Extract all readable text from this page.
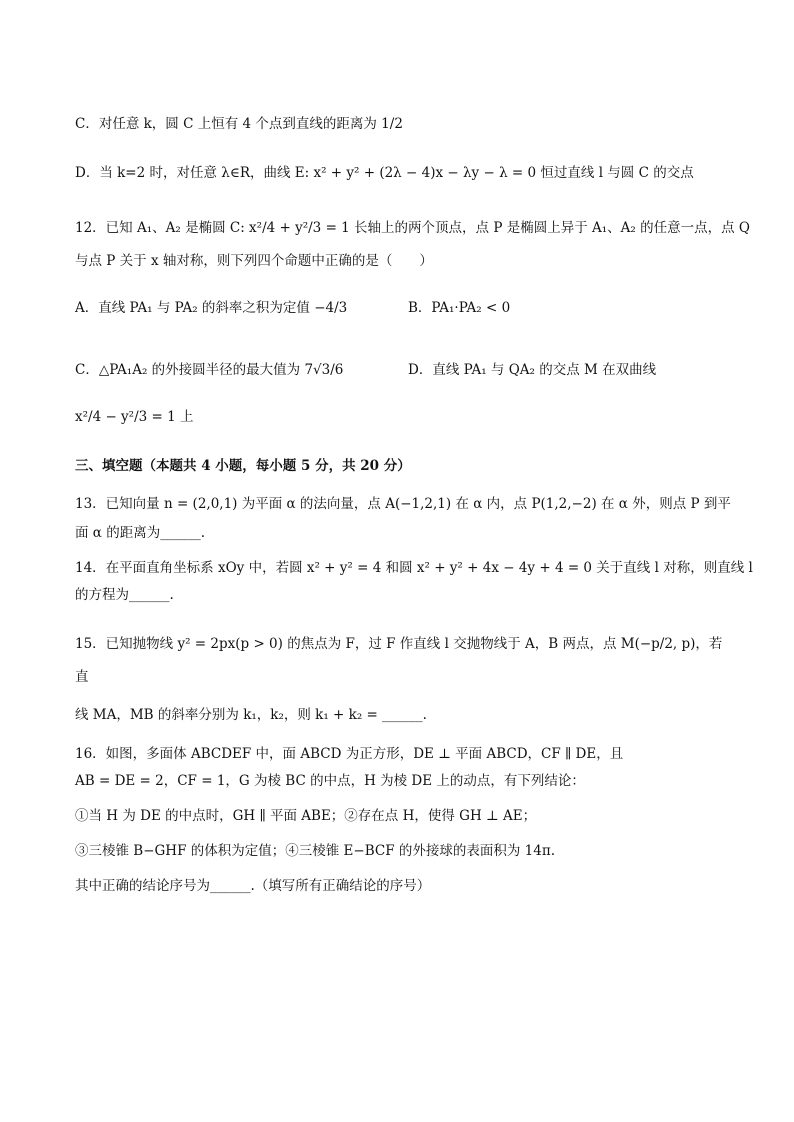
C．对任意 k，圆 C 上恒有 4 个点到直线的距离为 1/2
D．当 k=2 时，对任意 λ∈R，曲线 E: x² + y² + (2λ − 4)x − λy − λ = 0 恒过直线 l 与圆 C 的交点
12．已知 A₁、A₂ 是椭圆 C: x²/4 + y²/3 = 1 长轴上的两个顶点，点 P 是椭圆上异于 A₁、A₂ 的任意一点，点 Q
与点 P 关于 x 轴对称，则下列四个命题中正确的是（　　）
A．直线 PA₁ 与 PA₂ 的斜率之积为定值 −4/3	B．PA₁·PA₂ < 0
C．△PA₁A₂ 的外接圆半径的最大值为 7√3/6	D．直线 PA₁ 与 QA₂ 的交点 M 在双曲线
x²/4 − y²/3 = 1 上
三、填空题（本题共 4 小题，每小题 5 分，共 20 分）
13．已知向量 n = (2,0,1) 为平面 α 的法向量，点 A(−1,2,1) 在 α 内，点 P(1,2,−2) 在 α 外，则点 P 到平
面 α 的距离为______.
14．在平面直角坐标系 xOy 中，若圆 x² + y² = 4 和圆 x² + y² + 4x − 4y + 4 = 0 关于直线 l 对称，则直线 l
的方程为______.
15．已知抛物线 y² = 2px(p > 0) 的焦点为 F，过 F 作直线 l 交抛物线于 A，B 两点，点 M(−p/2, p)，若
直
线 MA，MB 的斜率分别为 k₁，k₂，则 k₁ + k₂ = ______.
16．如图，多面体 ABCDEF 中，面 ABCD 为正方形，DE ⊥ 平面 ABCD，CF ∥ DE，且
AB = DE = 2，CF = 1，G 为棱 BC 的中点，H 为棱 DE 上的动点，有下列结论：
①当 H 为 DE 的中点时，GH ∥ 平面 ABE；②存在点 H，使得 GH ⊥ AE；
③三棱锥 B−GHF 的体积为定值；④三棱锥 E−BCF 的外接球的表面积为 14π.
其中正确的结论序号为______.（填写所有正确结论的序号）
